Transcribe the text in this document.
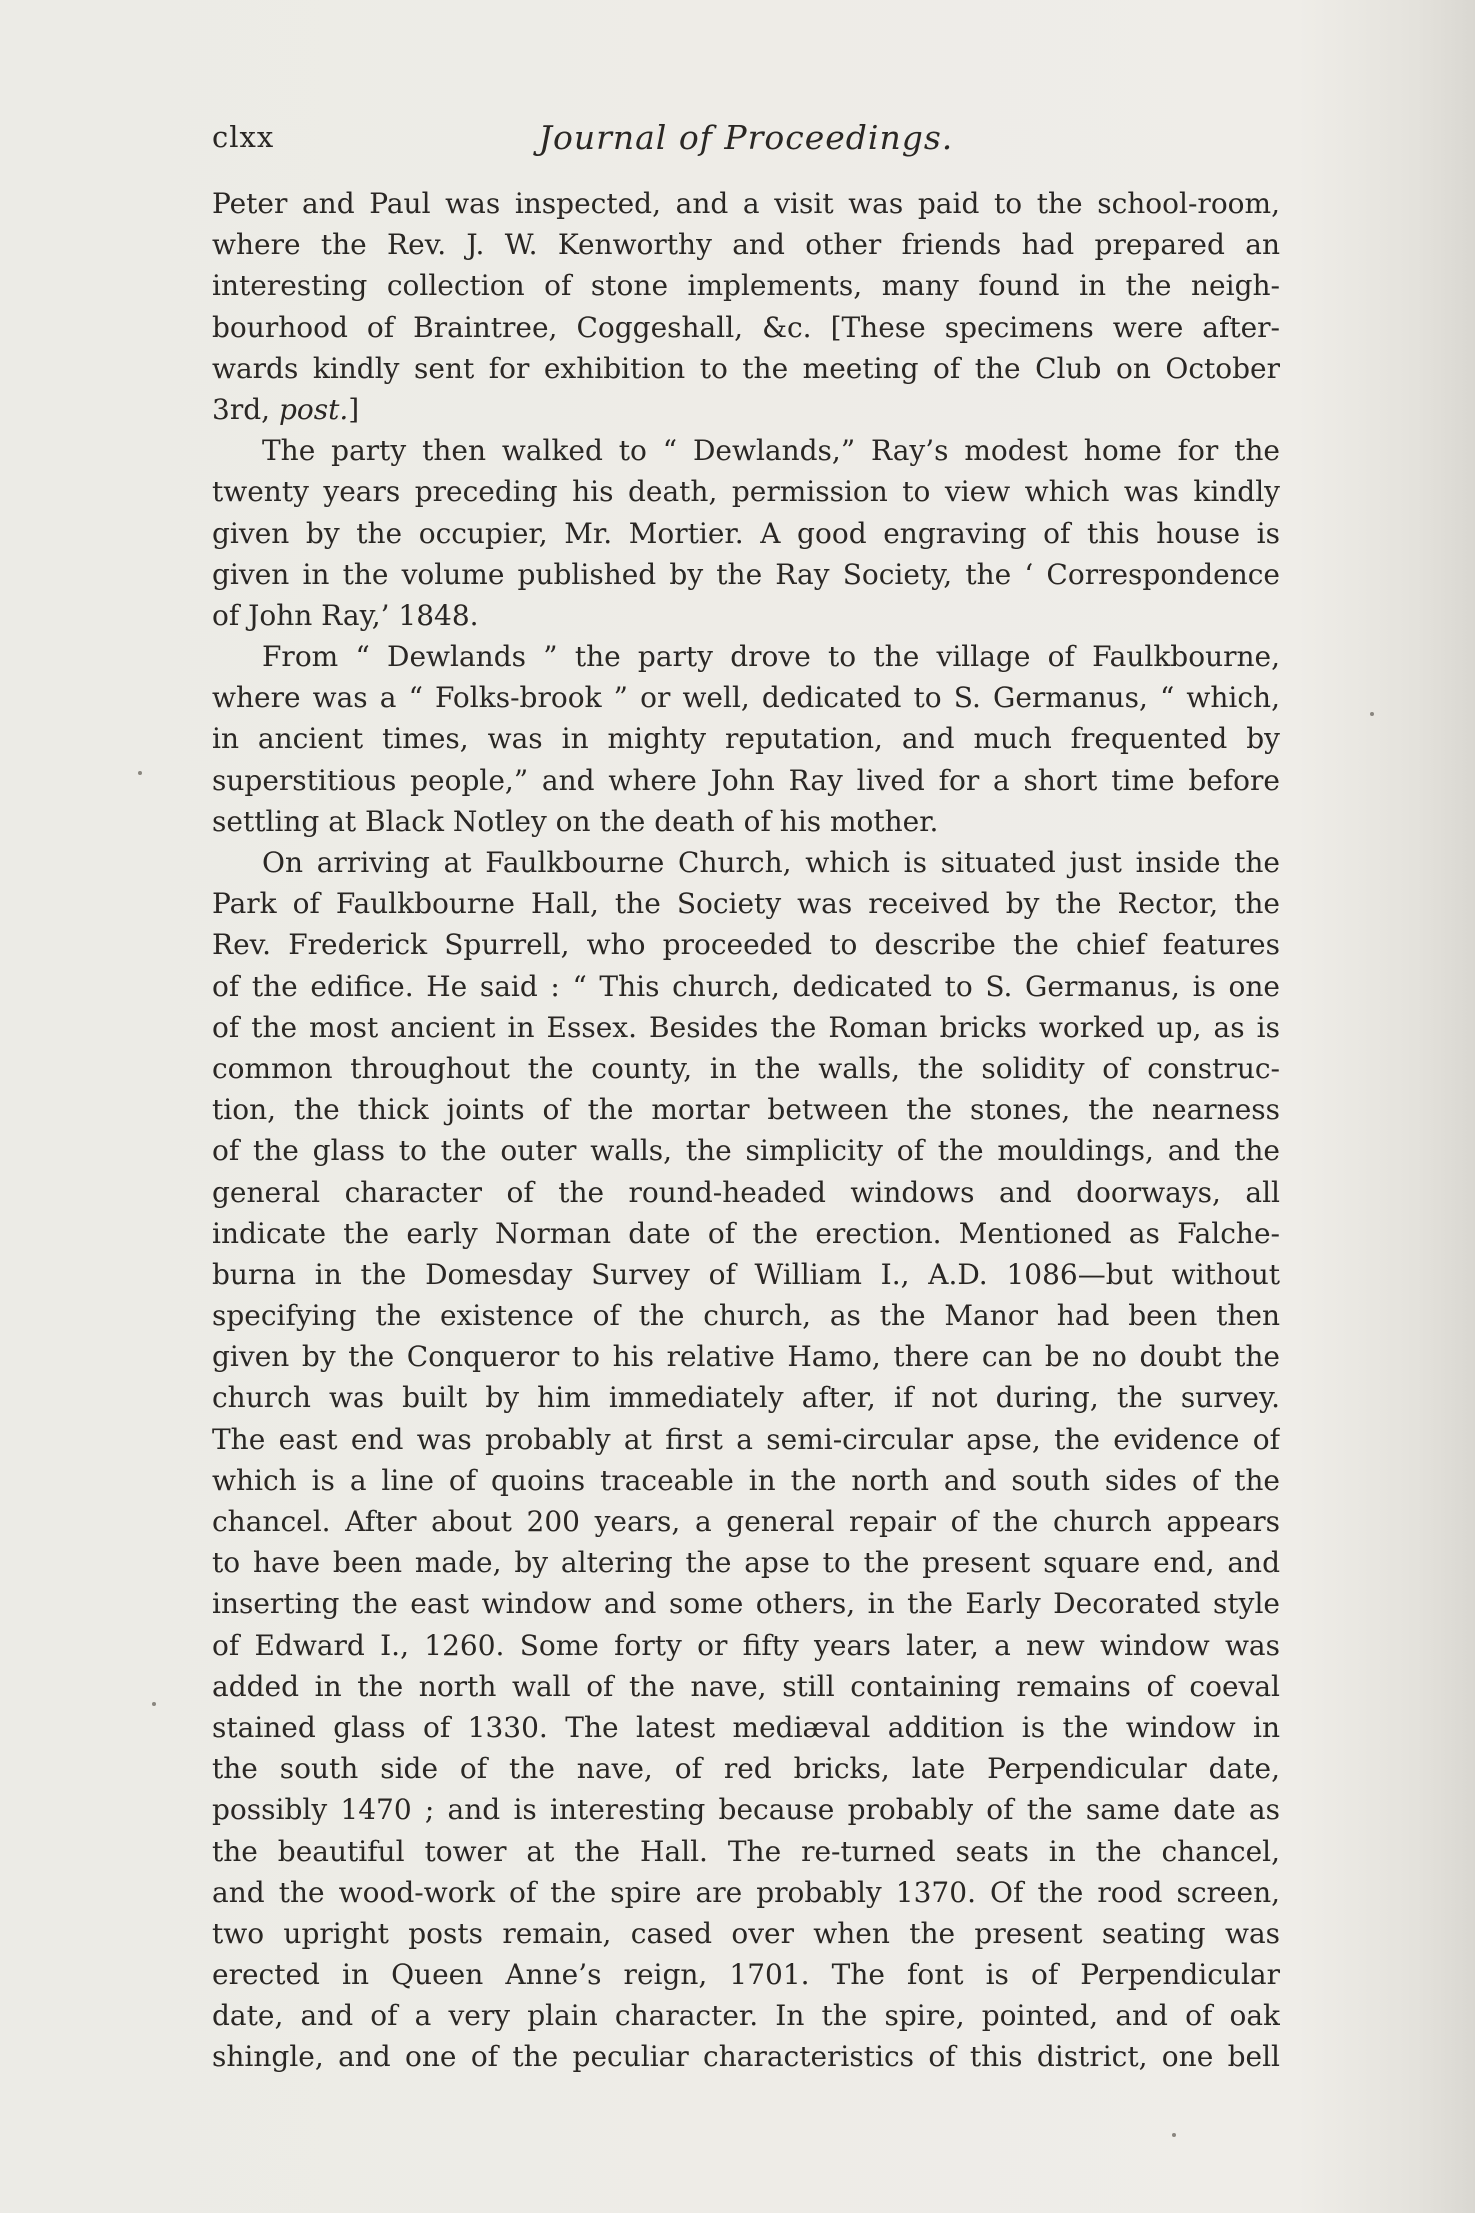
clxx	Journal of Proceedings.
Peter and Paul was inspected, and a visit was paid to the school-room,
where the Rev. J. W. Kenworthy and other friends had prepared an
interesting collection of stone implements, many found in the neigh-
bourhood of Braintree, Coggeshall, &c. [These specimens were after-
wards kindly sent for exhibition to the meeting of the Club on October
3rd, post.]
The party then walked to “ Dewlands,” Ray’s modest home for the
twenty years preceding his death, permission to view which was kindly
given by the occupier, Mr. Mortier. A good engraving of this house is
given in the volume published by the Ray Society, the ‘ Correspondence
of John Ray,’ 1848.
From “ Dewlands ” the party drove to the village of Faulkbourne,
where was a “ Folks-brook ” or well, dedicated to S. Germanus, “ which,
in ancient times, was in mighty reputation, and much frequented by
superstitious people,” and where John Ray lived for a short time before
settling at Black Notley on the death of his mother.
On arriving at Faulkbourne Church, which is situated just inside the
Park of Faulkbourne Hall, the Society was received by the Rector, the
Rev. Frederick Spurrell, who proceeded to describe the chief features
of the edifice. He said : “ This church, dedicated to S. Germanus, is one
of the most ancient in Essex. Besides the Roman bricks worked up, as is
common throughout the county, in the walls, the solidity of construc-
tion, the thick joints of the mortar between the stones, the nearness
of the glass to the outer walls, the simplicity of the mouldings, and the
general character of the round-headed windows and doorways, all
indicate the early Norman date of the erection. Mentioned as Falche-
burna in the Domesday Survey of William I., A.D. 1086—but without
specifying the existence of the church, as the Manor had been then
given by the Conqueror to his relative Hamo, there can be no doubt the
church was built by him immediately after, if not during, the survey.
The east end was probably at first a semi-circular apse, the evidence of
which is a line of quoins traceable in the north and south sides of the
chancel. After about 200 years, a general repair of the church appears
to have been made, by altering the apse to the present square end, and
inserting the east window and some others, in the Early Decorated style
of Edward I., 1260. Some forty or fifty years later, a new window was
added in the north wall of the nave, still containing remains of coeval
stained glass of 1330. The latest mediæval addition is the window in
the south side of the nave, of red bricks, late Perpendicular date,
possibly 1470 ; and is interesting because probably of the same date as
the beautiful tower at the Hall. The re-turned seats in the chancel,
and the wood-work of the spire are probably 1370. Of the rood screen,
two upright posts remain, cased over when the present seating was
erected in Queen Anne’s reign, 1701. The font is of Perpendicular
date, and of a very plain character. In the spire, pointed, and of oak
shingle, and one of the peculiar characteristics of this district, one bell
